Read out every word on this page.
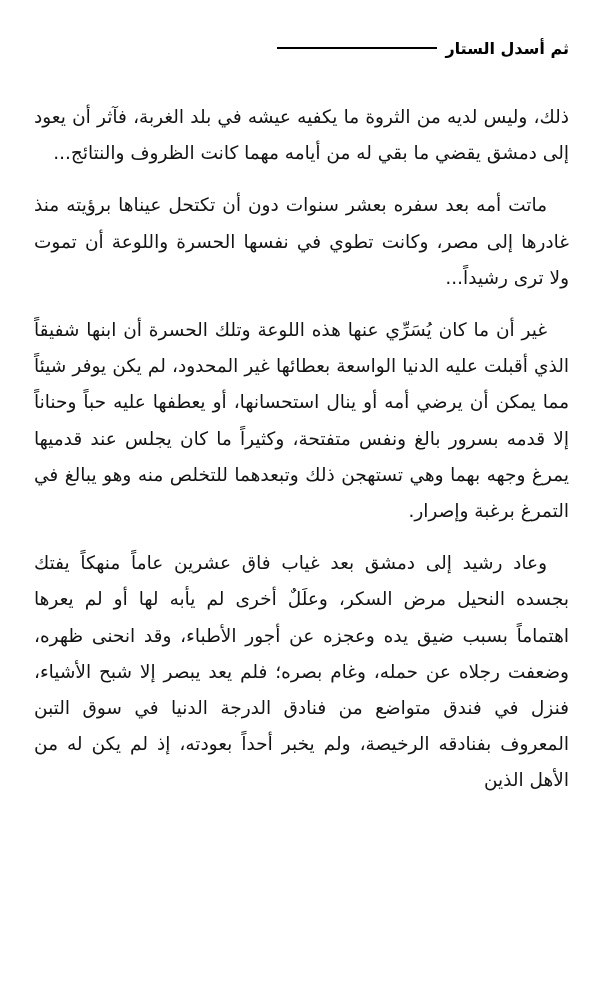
ثم أسدل الستار

ذلك، وليس لديه من الثروة ما يكفيه عيشه في بلد الغربة، فآثر أن يعود إلى دمشق يقضي ما بقي له من أيامه مهما كانت الظروف والنتائج...

ماتت أمه بعد سفره بعشر سنوات دون أن تكتحل عيناها برؤيته منذ غادرها إلى مصر، وكانت تطوي في نفسها الحسرة واللوعة أن تموت ولا ترى رشيداً...

غير أن ما كان يُسَرِّي عنها هذه اللوعة وتلك الحسرة أن ابنها شفيقاً الذي أقبلت عليه الدنيا الواسعة بعطائها غير المحدود، لم يكن يوفر شيئاً مما يمكن أن يرضي أمه أو ينال استحسانها، أو يعطفها عليه حباً وحناناً إلا قدمه بسرور بالغ ونفس متفتحة، وكثيراً ما كان يجلس عند قدميها يمرغ وجهه بهما وهي تستهجن ذلك وتبعدهما للتخلص منه وهو يبالغ في التمرغ برغبة وإصرار.

وعاد رشيد إلى دمشق بعد غياب فاق عشرين عاماً منهكاً يفتك بجسده النحيل مرض السكر، وعلَلٌ أخرى لم يأبه لها أو لم يعرها اهتماماً بسبب ضيق يده وعجزه عن أجور الأطباء، وقد انحنى ظهره، وضعفت رجلاه عن حمله، وغام بصره؛ فلم يعد يبصر إلا شبح الأشياء، فنزل في فندق متواضع من فنادق الدرجة الدنيا في سوق التبن المعروف بفنادقه الرخيصة، ولم يخبر أحداً بعودته، إذ لم يكن له من الأهل الذين
